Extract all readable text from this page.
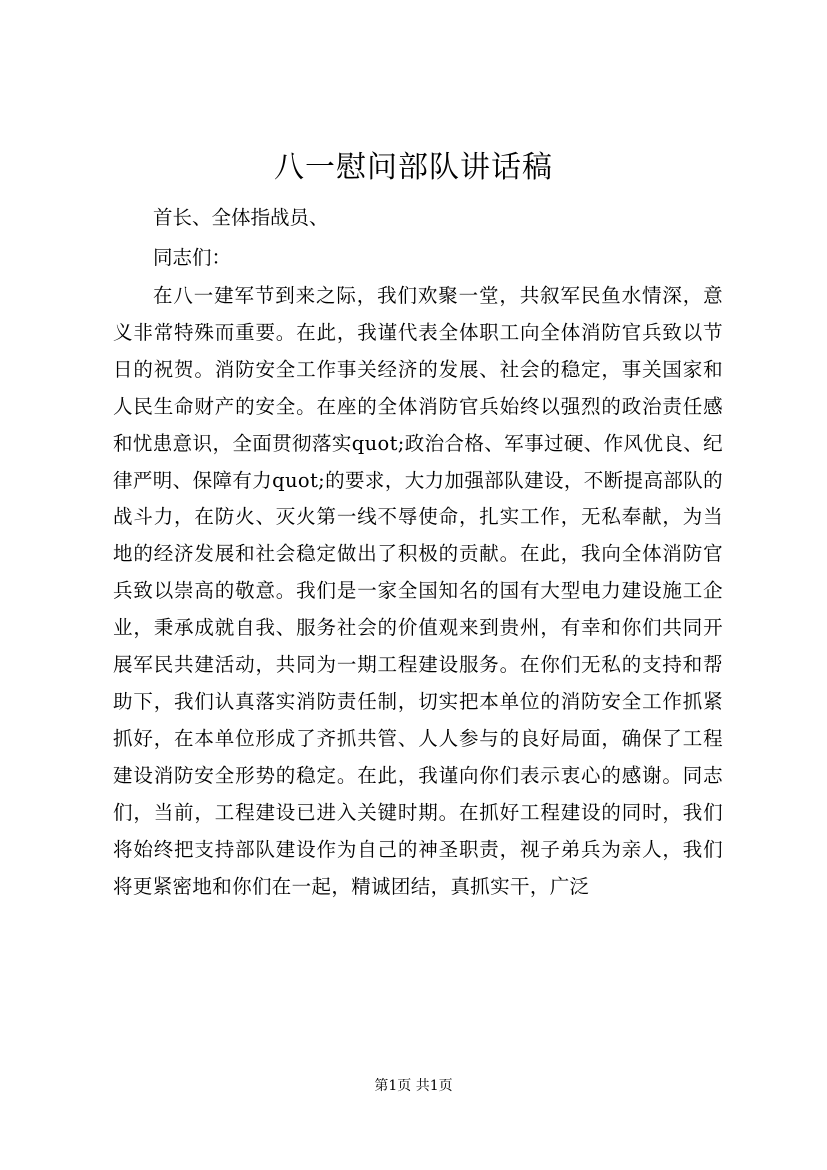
八一慰问部队讲话稿

首长、全体指战员、

同志们：

在八一建军节到来之际，我们欢聚一堂，共叙军民鱼水情深，意义非常特殊而重要。在此，我谨代表全体职工向全体消防官兵致以节日的祝贺。消防安全工作事关经济的发展、社会的稳定，事关国家和人民生命财产的安全。在座的全体消防官兵始终以强烈的政治责任感和忧患意识，全面贯彻落实quot;政治合格、军事过硬、作风优良、纪律严明、保障有力quot;的要求，大力加强部队建设，不断提高部队的战斗力，在防火、灭火第一线不辱使命，扎实工作，无私奉献，为当地的经济发展和社会稳定做出了积极的贡献。在此，我向全体消防官兵致以崇高的敬意。我们是一家全国知名的国有大型电力建设施工企业，秉承成就自我、服务社会的价值观来到贵州，有幸和你们共同开展军民共建活动，共同为一期工程建设服务。在你们无私的支持和帮助下，我们认真落实消防责任制，切实把本单位的消防安全工作抓紧抓好，在本单位形成了齐抓共管、人人参与的良好局面，确保了工程建设消防安全形势的稳定。在此，我谨向你们表示衷心的感谢。同志们，当前，工程建设已进入关键时期。在抓好工程建设的同时，我们将始终把支持部队建设作为自己的神圣职责，视子弟兵为亲人，我们将更紧密地和你们在一起，精诚团结，真抓实干，广泛

第1页 共1页
